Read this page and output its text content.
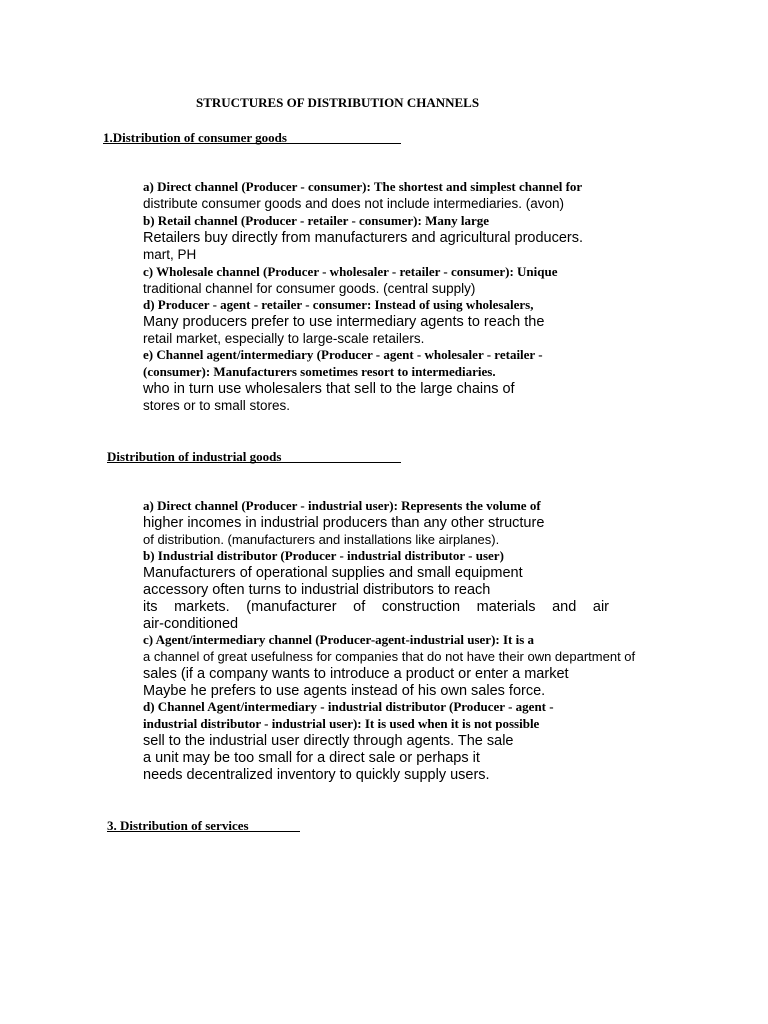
STRUCTURES OF DISTRIBUTION CHANNELS

1.Distribution of consumer goods

a) Direct channel (Producer - consumer): The shortest and simplest channel for

distribute consumer goods and does not include intermediaries. (avon)

b) Retail channel (Producer - retailer - consumer): Many large

Retailers buy directly from manufacturers and agricultural producers.

mart, PH

c) Wholesale channel (Producer - wholesaler - retailer - consumer): Unique

traditional channel for consumer goods. (central supply)

d) Producer - agent - retailer - consumer: Instead of using wholesalers,

Many producers prefer to use intermediary agents to reach the

retail market, especially to large-scale retailers.

e) Channel agent/intermediary (Producer - agent - wholesaler - retailer -

(consumer): Manufacturers sometimes resort to intermediaries.

who in turn use wholesalers that sell to the large chains of

stores or to small stores.

Distribution of industrial goods

a) Direct channel (Producer - industrial user): Represents the volume of

higher incomes in industrial producers than any other structure

of distribution. (manufacturers and installations like airplanes).

b) Industrial distributor (Producer - industrial distributor - user)

Manufacturers of operational supplies and small equipment

accessory often turns to industrial distributors to reach

its markets. (manufacturer of construction materials and air

air-conditioned

c) Agent/intermediary channel (Producer-agent-industrial user): It is a

a channel of great usefulness for companies that do not have their own department of

sales (if a company wants to introduce a product or enter a market

Maybe he prefers to use agents instead of his own sales force.

d) Channel Agent/intermediary - industrial distributor (Producer - agent -

industrial distributor - industrial user): It is used when it is not possible

sell to the industrial user directly through agents. The sale

a unit may be too small for a direct sale or perhaps it

needs decentralized inventory to quickly supply users.

3. Distribution of services
